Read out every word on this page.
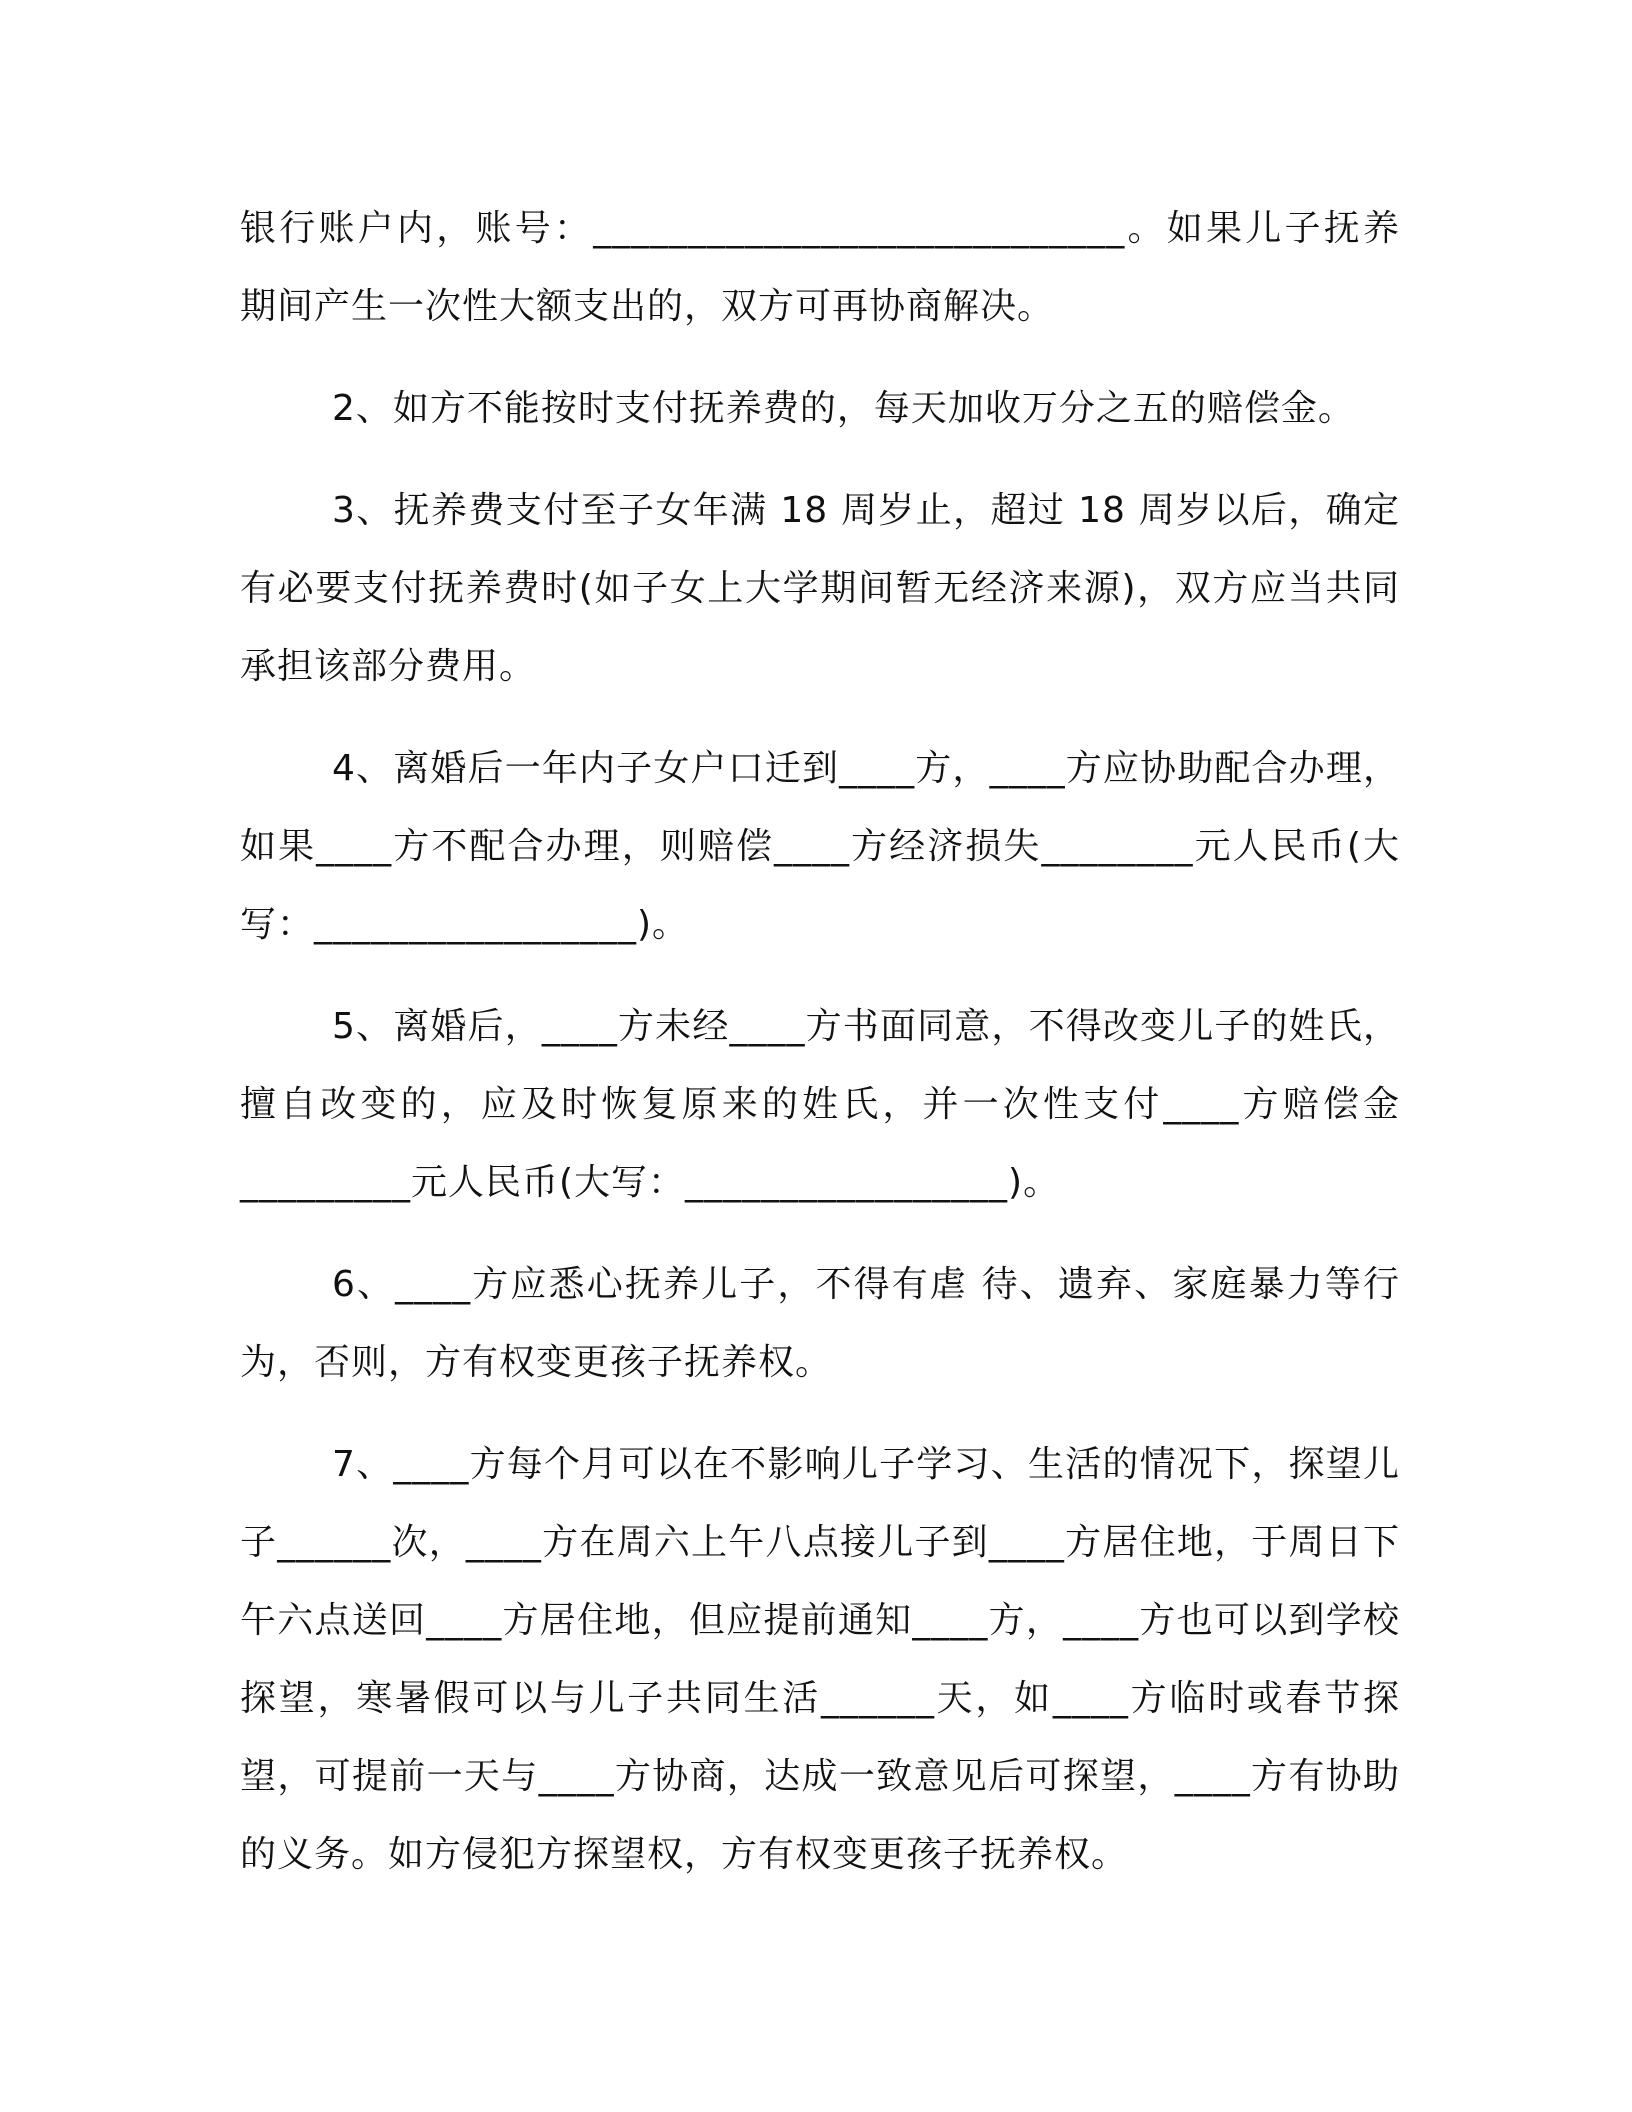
银行账户内，账号：____________________________。如果儿子抚养期间产生一次性大额支出的，双方可再协商解决。

2、如方不能按时支付抚养费的，每天加收万分之五的赔偿金。

3、抚养费支付至子女年满 18 周岁止，超过 18 周岁以后，确定有必要支付抚养费时(如子女上大学期间暂无经济来源)，双方应当共同承担该部分费用。

4、离婚后一年内子女户口迁到____方，____方应协助配合办理，如果____方不配合办理，则赔偿____方经济损失________元人民币(大写：_________________)。

5、离婚后，____方未经____方书面同意，不得改变儿子的姓氏，擅自改变的，应及时恢复原来的姓氏，并一次性支付____方赔偿金_________元人民币(大写：_________________)。

6、____方应悉心抚养儿子，不得有虐 待、遗弃、家庭暴力等行为，否则，方有权变更孩子抚养权。

7、____方每个月可以在不影响儿子学习、生活的情况下，探望儿子______次，____方在周六上午八点接儿子到____方居住地，于周日下午六点送回____方居住地，但应提前通知____方，____方也可以到学校探望，寒暑假可以与儿子共同生活______天，如____方临时或春节探望，可提前一天与____方协商，达成一致意见后可探望，____方有协助的义务。如方侵犯方探望权，方有权变更孩子抚养权。
